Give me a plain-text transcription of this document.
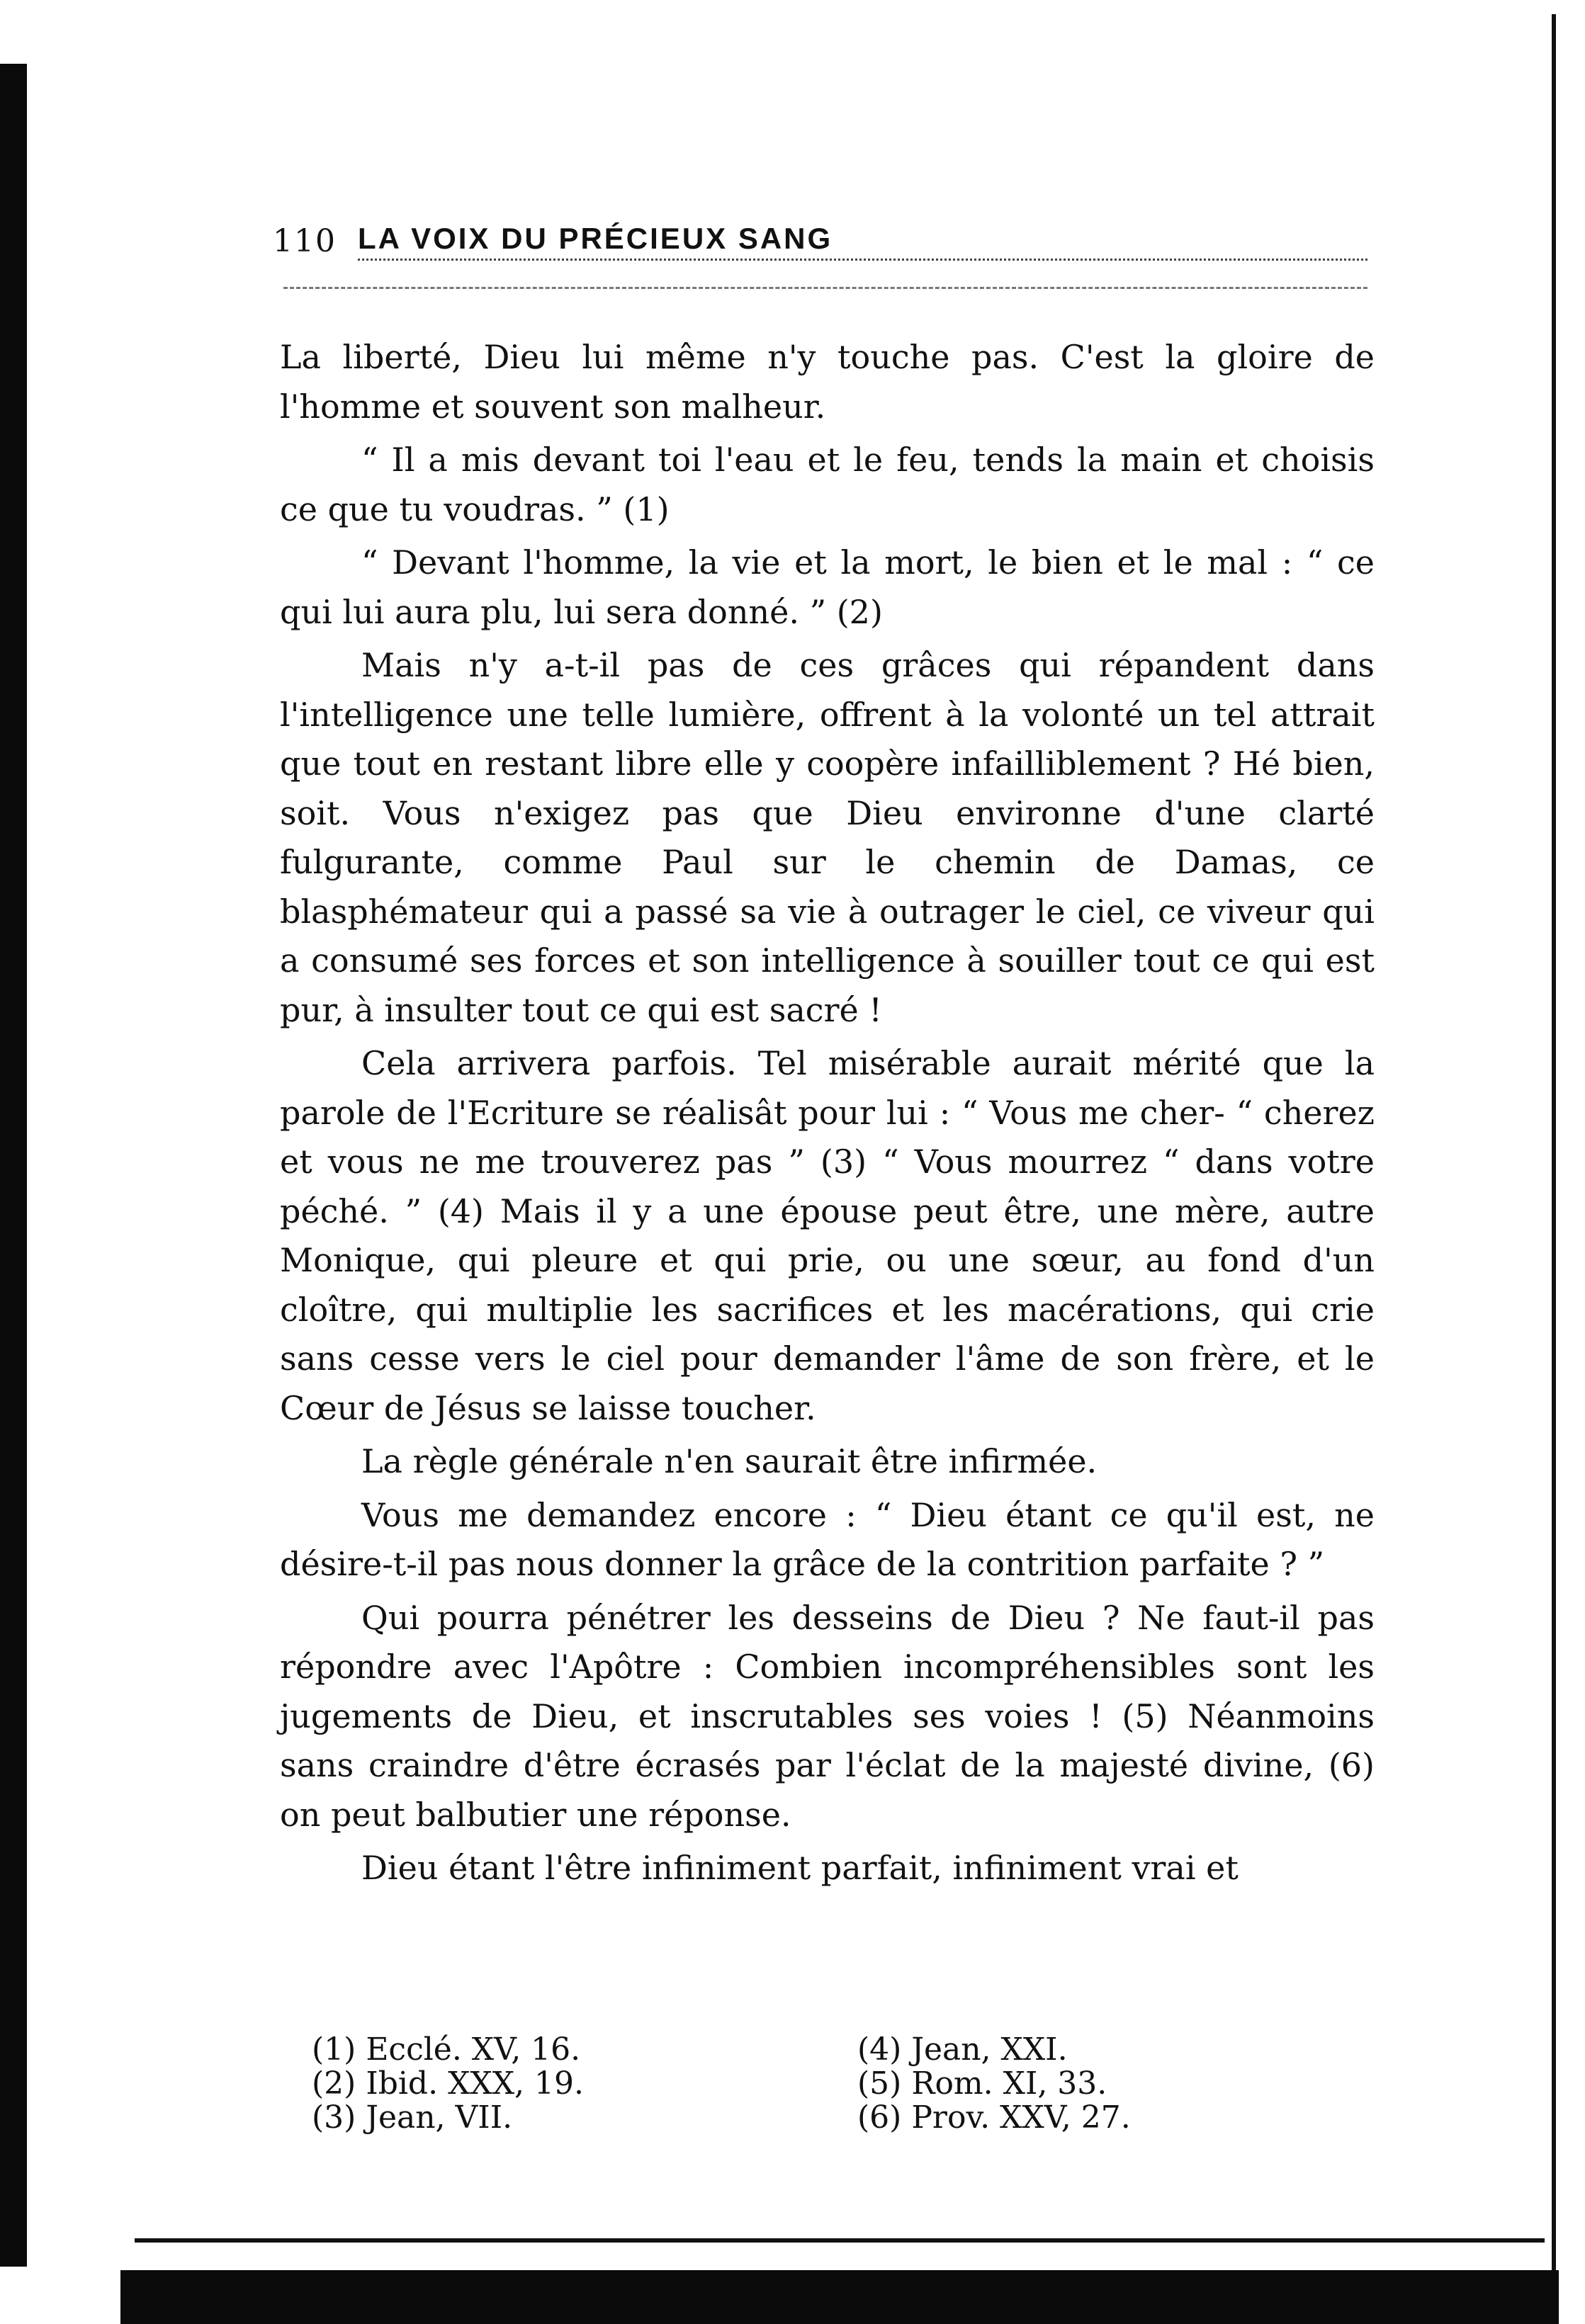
110 LA VOIX DU PRÉCIEUX SANG

La liberté, Dieu lui même n'y touche pas. C'est la gloire de l'homme et souvent son malheur.

“ Il a mis devant toi l'eau et le feu, tends la main et choisis ce que tu voudras. ” (1)

“ Devant l'homme, la vie et la mort, le bien et le mal : “ ce qui lui aura plu, lui sera donné. ” (2)

Mais n'y a-t-il pas de ces grâces qui répandent dans l'intelligence une telle lumière, offrent à la volonté un tel attrait que tout en restant libre elle y coopère infailliblement ? Hé bien, soit. Vous n'exigez pas que Dieu environne d'une clarté fulgurante, comme Paul sur le chemin de Damas, ce blasphémateur qui a passé sa vie à outrager le ciel, ce viveur qui a consumé ses forces et son intelligence à souiller tout ce qui est pur, à insulter tout ce qui est sacré !

Cela arrivera parfois. Tel misérable aurait mérité que la parole de l'Ecriture se réalisât pour lui : “ Vous me cher- “ cherez et vous ne me trouverez pas ” (3) “ Vous mourrez “ dans votre péché. ” (4) Mais il y a une épouse peut être, une mère, autre Monique, qui pleure et qui prie, ou une sœur, au fond d'un cloître, qui multiplie les sacrifices et les macérations, qui crie sans cesse vers le ciel pour demander l'âme de son frère, et le Cœur de Jésus se laisse toucher.

La règle générale n'en saurait être infirmée.

Vous me demandez encore : “ Dieu étant ce qu'il est, ne désire-t-il pas nous donner la grâce de la contrition parfaite ? ”

Qui pourra pénétrer les desseins de Dieu ? Ne faut-il pas répondre avec l'Apôtre : Combien incompréhensibles sont les jugements de Dieu, et inscrutables ses voies ! (5) Néanmoins sans craindre d'être écrasés par l'éclat de la majesté divine, (6) on peut balbutier une réponse.

Dieu étant l'être infiniment parfait, infiniment vrai et

(1) Ecclé. XV, 16.	(4) Jean, XXI.
(2) Ibid. XXX, 19.	(5) Rom. XI, 33.
(3) Jean, VII.	(6) Prov. XXV, 27.
